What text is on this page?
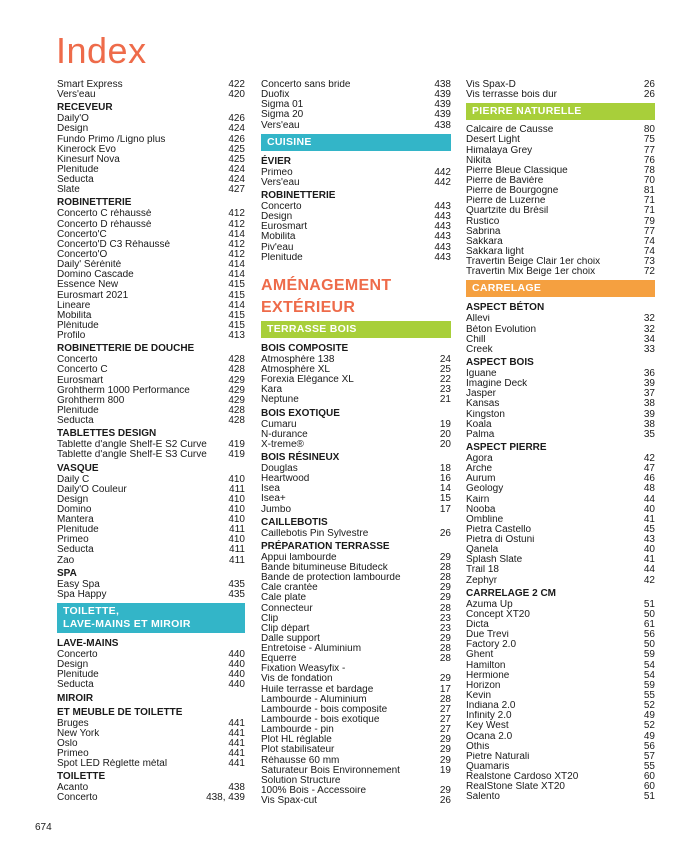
Index
Smart Express	422
Vers'eau	420
RECEVEUR
Daily'O	426
Design	424
Fundo Primo /Ligno plus	426
Kinerock Evo	425
Kinesurf Nova	425
Plenitude	424
Seducta	424
Slate	427
ROBINETTERIE
Concerto C réhaussé	412
Concerto D réhaussé	412
Concerto'C	414
Concerto'D C3 Réhaussé	412
Concerto'O	412
Daily' Sérénité	414
Domino Cascade	414
Essence New	415
Eurosmart 2021	415
Lineare	414
Mobilita	415
Plénitude	415
Profilo	413
ROBINETTERIE DE DOUCHE
Concerto	428
Concerto C	428
Eurosmart	429
Grohtherm 1000 Performance	429
Grohtherm 800	429
Plenitude	428
Seducta	428
TABLETTES DESIGN
Tablette d'angle Shelf-E S2 Curve	419
Tablette d'angle Shelf-E S3 Curve	419
VASQUE
Daily C	410
Daily'O Couleur	411
Design	410
Domino	410
Mantera	410
Plenitude	411
Primeo	410
Seducta	411
Zao	411
SPA
Easy Spa	435
Spa Happy	435
TOILETTE,
LAVE-MAINS ET MIROIR
LAVE-MAINS
Concerto	440
Design	440
Plenitude	440
Seducta	440
MIROIR
ET MEUBLE DE TOILETTE
Bruges	441
New York	441
Oslo	441
Primeo	441
Spot LED Réglette métal	441
TOILETTE
Acanto	438
Concerto	438, 439
Concerto sans bride	438
Duofix	439
Sigma 01	439
Sigma 20	439
Vers'eau	438
CUISINE
ÉVIER
Primeo	442
Vers'eau	442
ROBINETTERIE
Concerto	443
Design	443
Eurosmart	443
Mobilita	443
Piv'eau	443
Plenitude	443
AMÉNAGEMENT
EXTÉRIEUR
TERRASSE BOIS
BOIS COMPOSITE
Atmosphère 138	24
Atmosphère XL	25
Forexia Élégance XL	22
Kara	23
Neptune	21
BOIS EXOTIQUE
Cumaru	19
N-durance	20
X-treme®	20
BOIS RÉSINEUX
Douglas	18
Heartwood	16
Isea	14
Isea+	15
Jumbo	17
CAILLEBOTIS
Caillebotis Pin Sylvestre	26
PRÉPARATION TERRASSE
Appui lambourde	29
Bande bitumineuse Bitudeck	28
Bande de protection lambourde	28
Cale crantée	29
Cale plate	29
Connecteur	28
Clip	23
Clip départ	23
Dalle support	29
Entretoise - Aluminium	28
Équerre	28
Fixation Weasyfix -
Vis de fondation	29
Huile terrasse et bardage	17
Lambourde - Aluminium	28
Lambourde - bois composite	27
Lambourde - bois exotique	27
Lambourde - pin	27
Plot HL réglable	29
Plot stabilisateur	29
Réhausse 60 mm	29
Saturateur Bois Environnement	19
Solution Structure
100% Bois - Accessoire	29
Vis Spax-cut	26
Vis Spax-D	26
Vis terrasse bois dur	26
PIERRE NATURELLE
Calcaire de Causse	80
Desert Light	75
Himalaya Grey	77
Nikita	76
Pierre Bleue Classique	78
Pierre de Bavière	70
Pierre de Bourgogne	81
Pierre de Luzerne	71
Quartzite du Brésil	71
Rustico	79
Sabrina	77
Sakkara	74
Sakkara light	74
Travertin Beige Clair 1er choix	73
Travertin Mix Beige 1er choix	72
CARRELAGE
ASPECT BÉTON
Allevi	32
Béton Évolution	32
Chill	34
Creek	33
ASPECT BOIS
Iguane	36
Imagine Deck	39
Jasper	37
Kansas	38
Kingston	39
Koala	38
Palma	35
ASPECT PIERRE
Agora	42
Arche	47
Aurum	46
Geology	48
Kairn	44
Nooba	40
Ombline	41
Pietra Castello	45
Pietra di Ostuni	43
Qanela	40
Splash Slate	41
Trail 18	44
Zephyr	42
CARRELAGE 2 CM
Azuma Up	51
Concept XT20	50
Dicta	61
Due Trevi	56
Factory 2.0	50
Ghent	59
Hamilton	54
Hermione	54
Horizon	59
Kevin	55
Indiana 2.0	52
Infinity 2.0	49
Key West	52
Ocana 2.0	49
Othis	56
Pietre Naturali	57
Quamaris	55
Realstone Cardoso XT20	60
RealStone Slate XT20	60
Salento	51
674
